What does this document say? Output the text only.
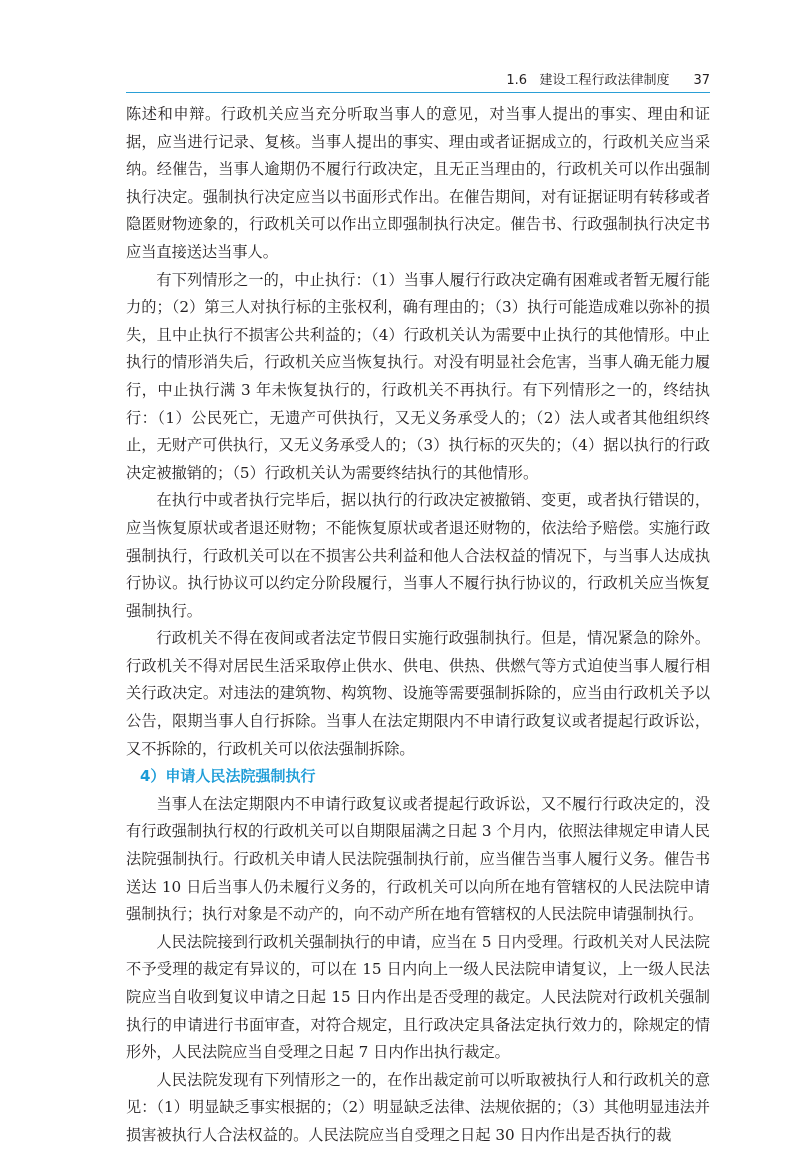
1.6 建设工程行政法律制度 37

陈述和申辩。行政机关应当充分听取当事人的意见，对当事人提出的事实、理由和证据，应当进行记录、复核。当事人提出的事实、理由或者证据成立的，行政机关应当采纳。经催告，当事人逾期仍不履行行政决定，且无正当理由的，行政机关可以作出强制执行决定。强制执行决定应当以书面形式作出。在催告期间，对有证据证明有转移或者隐匿财物迹象的，行政机关可以作出立即强制执行决定。催告书、行政强制执行决定书应当直接送达当事人。

有下列情形之一的，中止执行：（1）当事人履行行政决定确有困难或者暂无履行能力的；（2）第三人对执行标的主张权利，确有理由的；（3）执行可能造成难以弥补的损失，且中止执行不损害公共利益的；（4）行政机关认为需要中止执行的其他情形。中止执行的情形消失后，行政机关应当恢复执行。对没有明显社会危害，当事人确无能力履行，中止执行满 3 年未恢复执行的，行政机关不再执行。有下列情形之一的，终结执行：（1）公民死亡，无遗产可供执行，又无义务承受人的；（2）法人或者其他组织终止，无财产可供执行，又无义务承受人的；（3）执行标的灭失的；（4）据以执行的行政决定被撤销的；（5）行政机关认为需要终结执行的其他情形。

在执行中或者执行完毕后，据以执行的行政决定被撤销、变更，或者执行错误的，应当恢复原状或者退还财物；不能恢复原状或者退还财物的，依法给予赔偿。实施行政强制执行，行政机关可以在不损害公共利益和他人合法权益的情况下，与当事人达成执行协议。执行协议可以约定分阶段履行，当事人不履行执行协议的，行政机关应当恢复强制执行。

行政机关不得在夜间或者法定节假日实施行政强制执行。但是，情况紧急的除外。行政机关不得对居民生活采取停止供水、供电、供热、供燃气等方式迫使当事人履行相关行政决定。对违法的建筑物、构筑物、设施等需要强制拆除的，应当由行政机关予以公告，限期当事人自行拆除。当事人在法定期限内不申请行政复议或者提起行政诉讼，又不拆除的，行政机关可以依法强制拆除。

4）申请人民法院强制执行

当事人在法定期限内不申请行政复议或者提起行政诉讼，又不履行行政决定的，没有行政强制执行权的行政机关可以自期限届满之日起 3 个月内，依照法律规定申请人民法院强制执行。行政机关申请人民法院强制执行前，应当催告当事人履行义务。催告书送达 10 日后当事人仍未履行义务的，行政机关可以向所在地有管辖权的人民法院申请强制执行；执行对象是不动产的，向不动产所在地有管辖权的人民法院申请强制执行。

人民法院接到行政机关强制执行的申请，应当在 5 日内受理。行政机关对人民法院不予受理的裁定有异议的，可以在 15 日内向上一级人民法院申请复议，上一级人民法院应当自收到复议申请之日起 15 日内作出是否受理的裁定。人民法院对行政机关强制执行的申请进行书面审查，对符合规定，且行政决定具备法定执行效力的，除规定的情形外，人民法院应当自受理之日起 7 日内作出执行裁定。

人民法院发现有下列情形之一的，在作出裁定前可以听取被执行人和行政机关的意见：（1）明显缺乏事实根据的；（2）明显缺乏法律、法规依据的；（3）其他明显违法并损害被执行人合法权益的。人民法院应当自受理之日起 30 日内作出是否执行的裁
